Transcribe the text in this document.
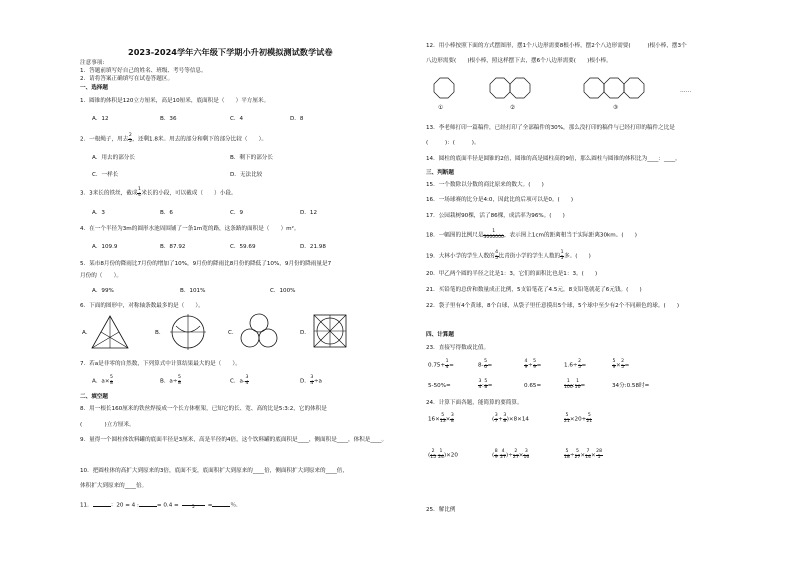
2023-2024学年六年级下学期小升初模拟测试数学试卷
注意事项:
1．答题前填写好自己的姓名、班级、考号等信息。
2．请将答案正确填写在试卷答题区。
一、选择题
1．圆锥的体积是120立方厘米，高是10厘米，底面积是（　　）平方厘米。
A．12	B．36	C．4	D．8
2．一根绳子，用去 $\frac{2}{5}$ ，还剩1.8米。用去的部分和剩下的部分比较（　　）。
A．用去的部分长	B．剩下的部分长
C．一样长	D．无法比较
3．3米长的铁丝，截成 $\frac{1}{4}$ 米长的小段，可以截成（　　）小段。
A．3	B．6	C．9	D．12
4．在一个半径为3m的圆形水池周围铺了一条1m宽的路，这条路的面积是（　　）m²。
A．109.9	B．87.92	C．59.69	D．21.98
5．某市8月份的降雨比7月份的增加了10%，9月份的降雨比8月份的降低了10%，9月份的降雨量是7
月份的（　　）。
A．99%	B．101%	C．100%
6．下面的图形中，对称轴条数最多的是（　　）。
A．	B．	C．	D．
7．若a是非零的自然数，下列算式中计算结果最大的是（　　）。
A．$a\times \frac{5}{8}$	B．$a\div \frac{5}{8}$	C．$a- \frac{3}{4}$	D． $\frac{3}{4} \div a$
二、填空题
8．用一根长160厘米的铁丝焊接成一个长方体框架，已知它的长、宽、高的比是5:3:2，它的体积是
(　　　　)立方厘米。
9．量得一个圆柱体饮料罐的底面半径是3厘米，高是半径的4倍，这个饮料罐的底面积是____，侧面积是____，体积是____。
10．把圆柱体的高扩大到原来的3倍，底面不变，底面积扩大到原来的____倍，侧面积扩大到原来的____倍，
体积扩大到原来的____倍。
11．	：20 = 4 :	= 0.4 =
	5	=	％．
12．用小棒按照下面的方式摆图形，摆1个八边形需要8根小棒，摆2个八边形需要(　　　)根小棒，摆3个
八边形需要(　　)根小棒，照这样摆下去，摆6个八边形需要(　　)根小棒。
①	②	③
……
13．李老师打印一篇稿件，已经打印了全部稿件的30%，那么没打印的稿件与已经打印的稿件之比是
(　　　)：(　　　)。
14．圆柱的底面半径是圆锥的2倍，圆锥的高是圆柱高的9倍，那么圆柱与圆锥的体积比为____：____。
三、判断题
15．一个数除以分数的商比原来的数大。(　　)
16．一场球赛的比分是4:0，因此比的后项可以是0。(　　)
17．公园栽树90棵，活了86棵，成活率为96%。(　　)
18．一幅图的比例尺是 $\frac{1}{3000000}$ ，表示图上1cm的距离相当于实际距离30km。(　　)
19．大林小学的学生人数的 $\frac{4}{5}$ 比青街小学的学生人数的 $\frac{1}{5}$ 多。(　　)
20．甲乙两个圆的半径之比是1：3，它们的面积比也是1：3。(　　)
21．买铅笔的总价和数量成正比例，5支铅笔花了4.5元，8支铅笔就花了6元钱。(　　)
22．袋子里有4个黄球，8个白球，从袋子里任意摸出5个球，5个球中至少有2个不同颜色的球。(　　)
四、计算题
23．直接写得数或比值。
$0.75+ \frac{1}{4}$ =	$8- \frac{5}{6}$ =	$\frac{4}{9} \div \frac{5}{9}$ =	$1.6\div \frac{2}{5}$ =	$\frac{5}{9} \times \frac{2}{5}$ =
5-50%=	$\frac{3}{4}$ : $\frac{5}{8}$ =	0.65=	$\frac{1}{100}$ : $\frac{1}{10}$ =	34分:0.58时=
24．计算下面各题，能简算的要简算。
$16\times \frac{5}{13} \times \frac{3}{8}$	( $\frac{3}{7} + \frac{3}{8} )\times 8\times 14$	$\frac{5}{21} \times 20+ \frac{5}{21}$
( $\frac{2}{15} - \frac{1}{24} )\times 20$	( $\frac{8}{9} - \frac{4}{27}$ )÷ $\frac{2}{27} \times \frac{3}{16}$	$\frac{5}{18} \div \frac{5}{27} \times \frac{7}{14} \times \frac{28}{5}$
25．解比例
